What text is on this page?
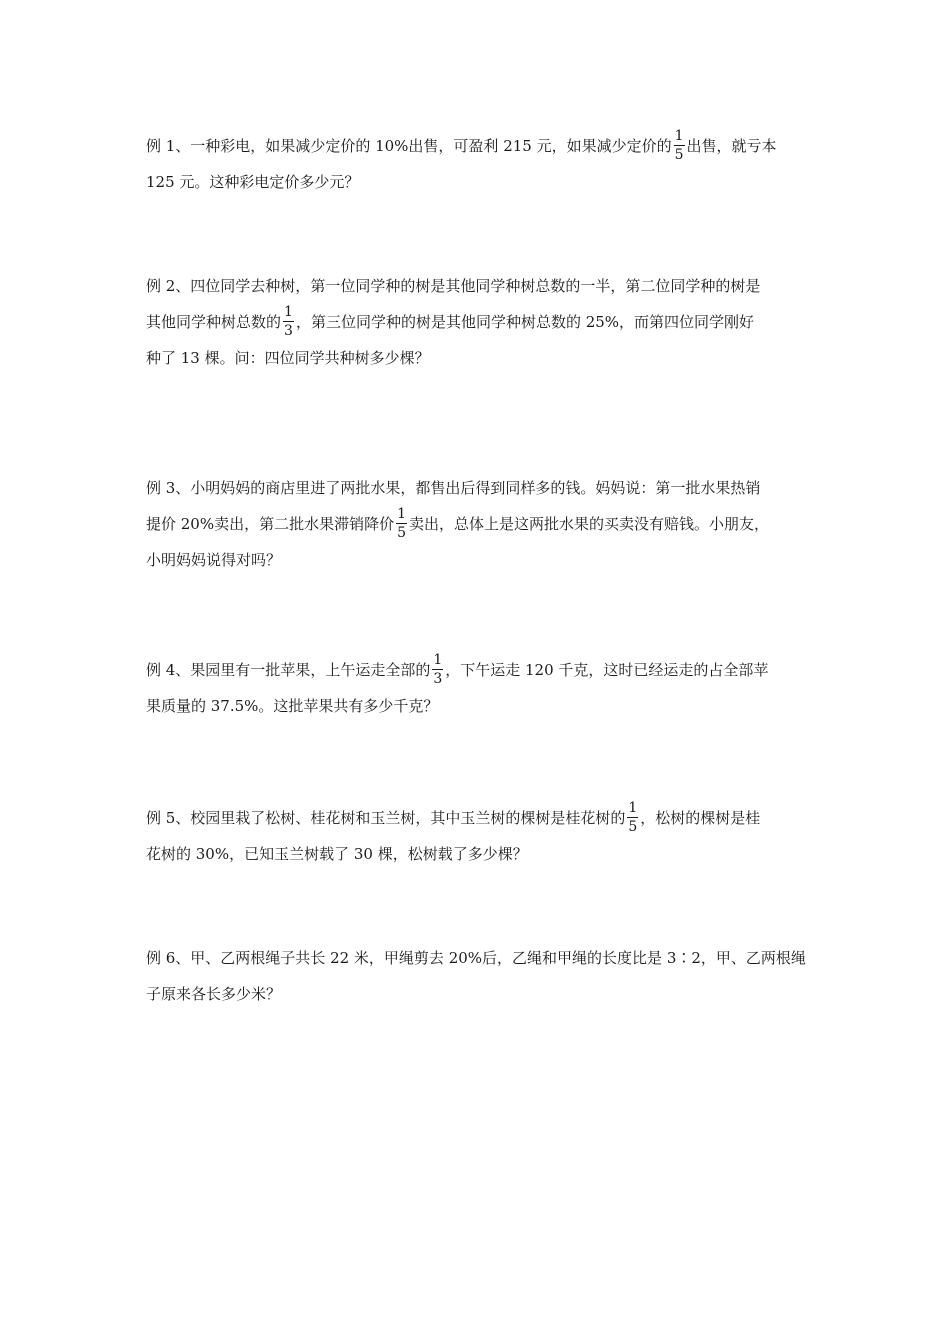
例 1、一种彩电，如果减少定价的 10%出售，可盈利 215 元，如果减少定价的 $\frac{1}{5}$ 出售，就亏本
125 元。这种彩电定价多少元？
例 2、四位同学去种树，第一位同学种的树是其他同学种树总数的一半，第二位同学种的树是
其他同学种树总数的 $\frac{1}{3}$ ，第三位同学种的树是其他同学种树总数的 25%，而第四位同学刚好
种了 13 棵。问：四位同学共种树多少棵？
例 3、小明妈妈的商店里进了两批水果，都售出后得到同样多的钱。妈妈说：第一批水果热销
提价 20%卖出，第二批水果滞销降价 $\frac{1}{5}$ 卖出，总体上是这两批水果的买卖没有赔钱。小朋友，
小明妈妈说得对吗？
例 4、果园里有一批苹果，上午运走全部的 $\frac{1}{3}$ ，下午运走 120 千克，这时已经运走的占全部苹
果质量的 37.5%。这批苹果共有多少千克？
例 5、校园里栽了松树、桂花树和玉兰树，其中玉兰树的棵树是桂花树的 $\frac{1}{5}$ ，松树的棵树是桂
花树的 30%，已知玉兰树载了 30 棵，松树载了多少棵？
例 6、甲、乙两根绳子共长 22 米，甲绳剪去 20%后，乙绳和甲绳的长度比是 3∶2，甲、乙两根绳
子原来各长多少米？
